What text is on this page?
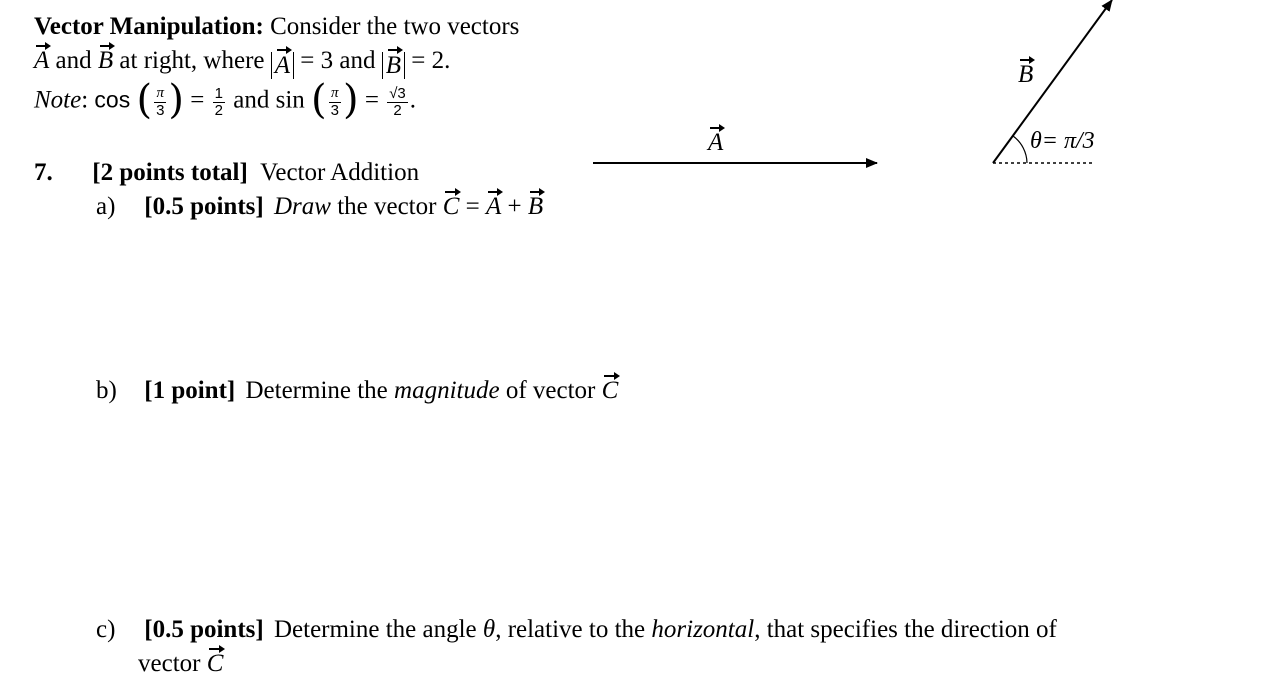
Vector Manipulation: Consider the two vectors
A and B at right, where A = 3 and B = 2.
Note: cos ( $\frac{\pi}{3}$ ) = $\frac{1}{2}$ and sin ( $\frac{\pi}{3}$ ) = $\frac{√3}{2}$ .
7. [2 points total] Vector Addition
a) [0.5 points] Draw the vector C = A + B
b) [1 point] Determine the magnitude of vector C
c) [0.5 points] Determine the angle θ, relative to the horizontal, that specifies the direction of
vector C
A
B
θ= π/3
